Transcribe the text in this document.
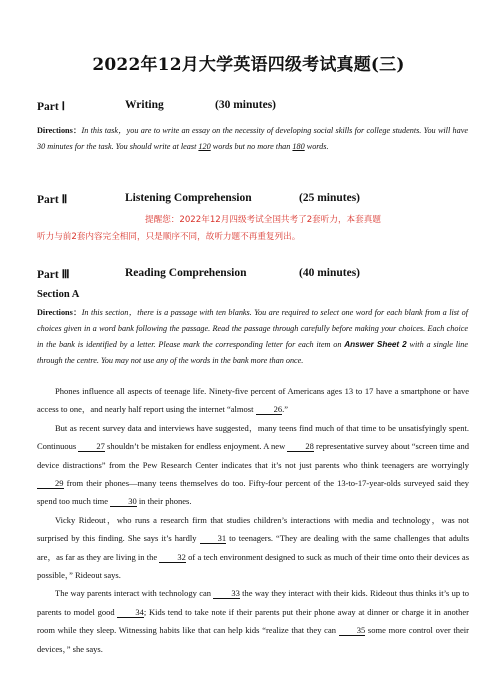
2022年12月大学英语四级考试真题(三)
Part Ⅰ	Writing	(30 minutes)
Directions：In this task，you are to write an essay on the necessity of developing social skills for college students. You will have 30 minutes for the task. You should write at least 120 words but no more than 180 words.
Part Ⅱ	Listening Comprehension	(25 minutes)
提醒您：2022年12月四级考试全国共考了2套听力，本套真题
听力与前2套内容完全相同，只是顺序不同，故听力题不再重复列出。
Part Ⅲ	Reading Comprehension	(40 minutes)
Section A
Directions：In this section，there is a passage with ten blanks. You are required to select one word for each blank from a list of choices given in a word bank following the passage. Read the passage through carefully before making your choices. Each choice in the bank is identified by a letter. Please mark the corresponding letter for each item on Answer Sheet 2 with a single line through the centre. You may not use any of the words in the bank more than once.

Phones influence all aspects of teenage life. Ninety-five percent of Americans ages 13 to 17 have a smartphone or have access to one，and nearly half report using the internet “almost 26.”

But as recent survey data and interviews have suggested，many teens find much of that time to be unsatisfyingly spent. Continuous 27 shouldn’t be mistaken for endless enjoyment. A new 28 representative survey about “screen time and device distractions” from the Pew Research Center indicates that it’s not just parents who think teenagers are worryingly 29 from their phones—many teens themselves do too. Fifty-four percent of the 13-to-17-year-olds surveyed said they spend too much time 30 in their phones.

Vicky Rideout，who runs a research firm that studies children’s interactions with media and technology，was not surprised by this finding. She says it’s hardly 31 to teenagers. “They are dealing with the same challenges that adults are，as far as they are living in the 32 of a tech environment designed to suck as much of their time onto their devices as possible，” Rideout says.

The way parents interact with technology can 33 the way they interact with their kids. Rideout thus thinks it’s up to parents to model good 34; Kids tend to take note if their parents put their phone away at dinner or charge it in another room while they sleep. Witnessing habits like that can help kids “realize that they can 35 some more control over their devices，” she says.
